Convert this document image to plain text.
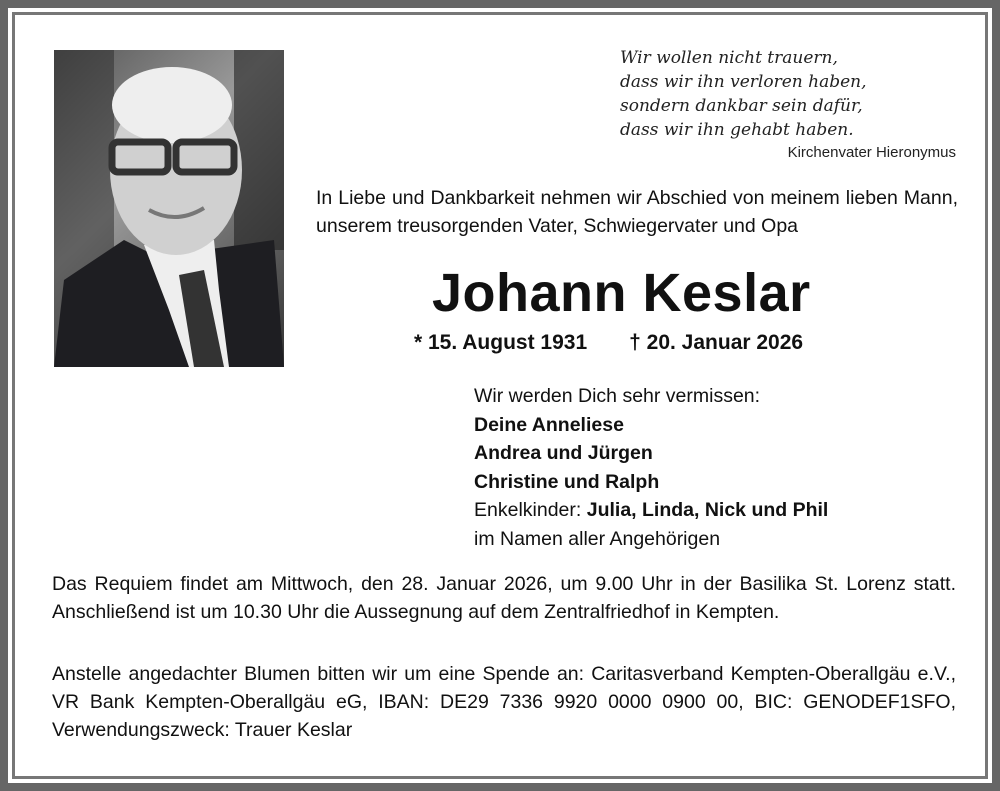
Wir wollen nicht trauern,
dass wir ihn verloren haben,
sondern dankbar sein dafür,
dass wir ihn gehabt haben.
Kirchenvater Hieronymus
In Liebe und Dankbarkeit nehmen wir Abschied von meinem lieben Mann, unserem treusorgenden Vater, Schwiegervater und Opa
Johann Keslar
* 15. August 1931 † 20. Januar 2026
Wir werden Dich sehr vermissen:
Deine Anneliese
Andrea und Jürgen
Christine und Ralph
Enkelkinder: Julia, Linda, Nick und Phil
im Namen aller Angehörigen
Das Requiem findet am Mittwoch, den 28. Januar 2026, um 9.00 Uhr in der Basilika St. Lorenz statt. Anschließend ist um 10.30 Uhr die Aussegnung auf dem Zentralfriedhof in Kempten.
Anstelle angedachter Blumen bitten wir um eine Spende an: Caritasverband Kempten-Oberallgäu e.V., VR Bank Kempten-Oberallgäu eG, IBAN: DE29 7336 9920 0000 0900 00, BIC: GENODEF1SFO, Verwendungszweck: Trauer Keslar
